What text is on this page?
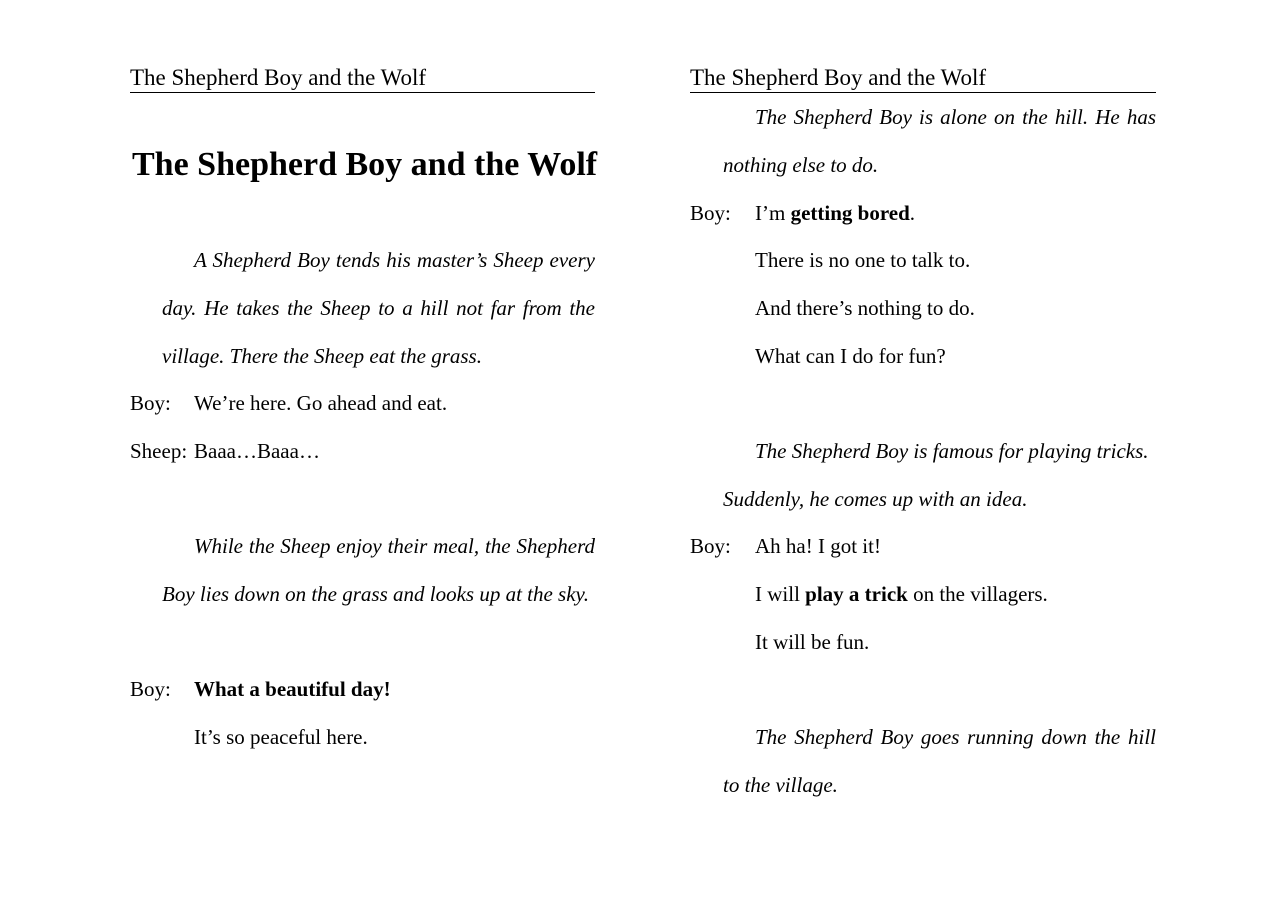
The Shepherd Boy and the Wolf
The Shepherd Boy and the Wolf

A Shepherd Boy tends his master’s Sheep every day. He takes the Sheep to a hill not far from the village. There the Sheep eat the grass.

Boy: We’re here. Go ahead and eat.
Sheep: Baaa…Baaa…

While the Sheep enjoy their meal, the Shepherd Boy lies down on the grass and looks up at the sky.

Boy: What a beautiful day!
It’s so peaceful here.
The Shepherd Boy and the Wolf

The Shepherd Boy is alone on the hill. He has nothing else to do.

Boy: I’m getting bored.
There is no one to talk to.
And there’s nothing to do.
What can I do for fun?

The Shepherd Boy is famous for playing tricks. Suddenly, he comes up with an idea.

Boy: Ah ha! I got it!
I will play a trick on the villagers.
It will be fun.

The Shepherd Boy goes running down the hill to the village.
